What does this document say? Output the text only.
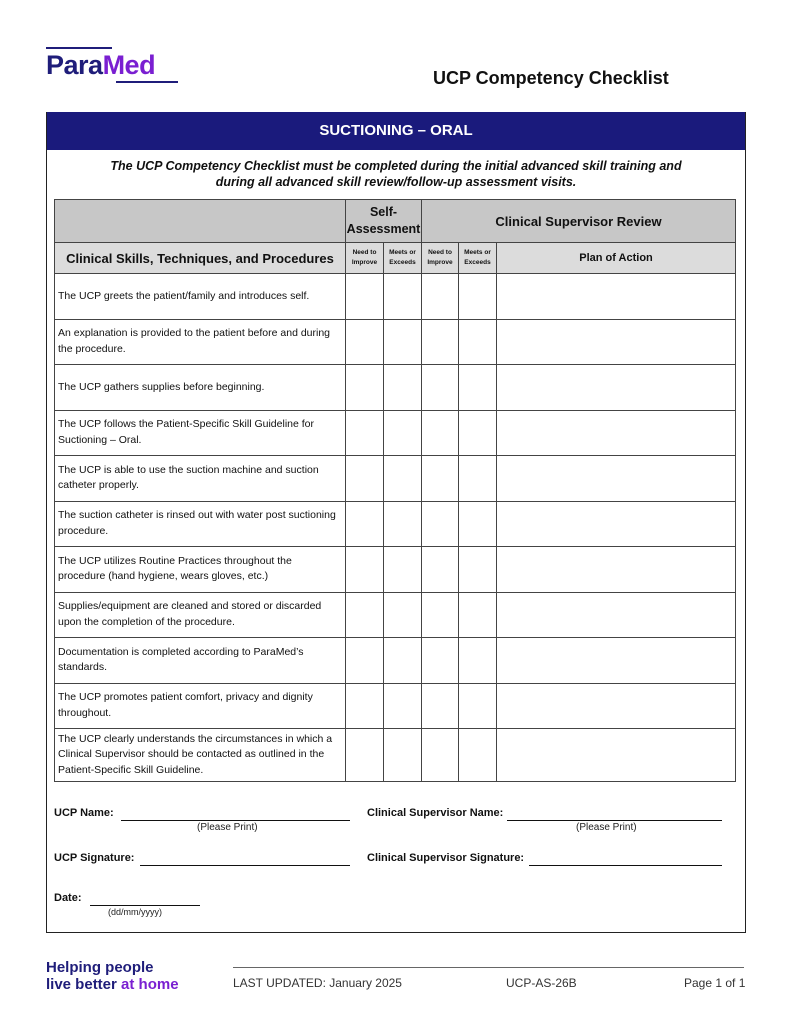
ParaMed	UCP Competency Checklist
SUCTIONING – ORAL
The UCP Competency Checklist must be completed during the initial advanced skill training and
during all advanced skill review/follow-up assessment visits.
	Self-Assessment		Clinical Supervisor Review		
Clinical Skills, Techniques, and Procedures	Need to Improve	Meets or Exceeds	Need to Improve	Meets or Exceeds	Plan of Action
The UCP greets the patient/family and introduces self.					
An explanation is provided to the patient before and during the procedure.					
The UCP gathers supplies before beginning.					
The UCP follows the Patient-Specific Skill Guideline for Suctioning – Oral.					
The UCP is able to use the suction machine and suction catheter properly.					
The suction catheter is rinsed out with water post suctioning procedure.					
The UCP utilizes Routine Practices throughout the procedure (hand hygiene, wears gloves, etc.)					
Supplies/equipment are cleaned and stored or discarded upon the completion of the procedure.					
Documentation is completed according to ParaMed’s standards.					
The UCP promotes patient comfort, privacy and dignity throughout.					
The UCP clearly understands the circumstances in which a Clinical Supervisor should be contacted as outlined in the Patient-Specific Skill Guideline.					
UCP Name:
(Please Print)
Clinical Supervisor Name:
(Please Print)
UCP Signature:	Clinical Supervisor Signature:
Date:
(dd/mm/yyyy)
Helping people
live better at home	LAST UPDATED: January 2025	UCP-AS-26B	Page 1 of 1
